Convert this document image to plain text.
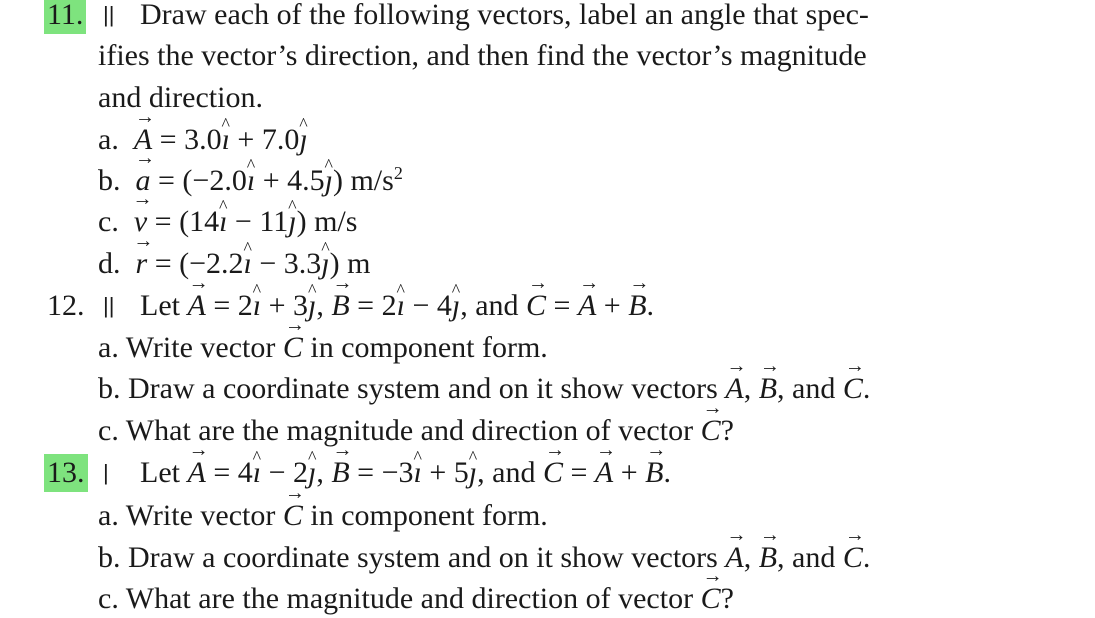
11. || Draw each of the following vectors, label an angle that spec-
ifies the vector’s direction, and then find the vector’s magnitude
and direction.
a. → A = 3.0^ ı + 7.0^ ȷ
b. → a = (−2.0^ ı + 4.5^ ȷ) $m/s^2$
c. → v = (14^ ı − 11^ ȷ) m/s
d. → r = (−2.2^ ı − 3.3^ ȷ) m
12. || Let → A = 2^ ı + 3^ ȷ, → B = 2^ ı − 4^ ȷ, and → C = → A + → B.
a. Write vector → C in component form.
b. Draw a coordinate system and on it show vectors → A, → B, and → C.
c. What are the magnitude and direction of vector → C?
13. | Let → A = 4^ ı − 2^ ȷ, → B = −3^ ı + 5^ ȷ, and → C = → A + → B.
a. Write vector → C in component form.
b. Draw a coordinate system and on it show vectors → A, → B, and → C.
c. What are the magnitude and direction of vector → C?
